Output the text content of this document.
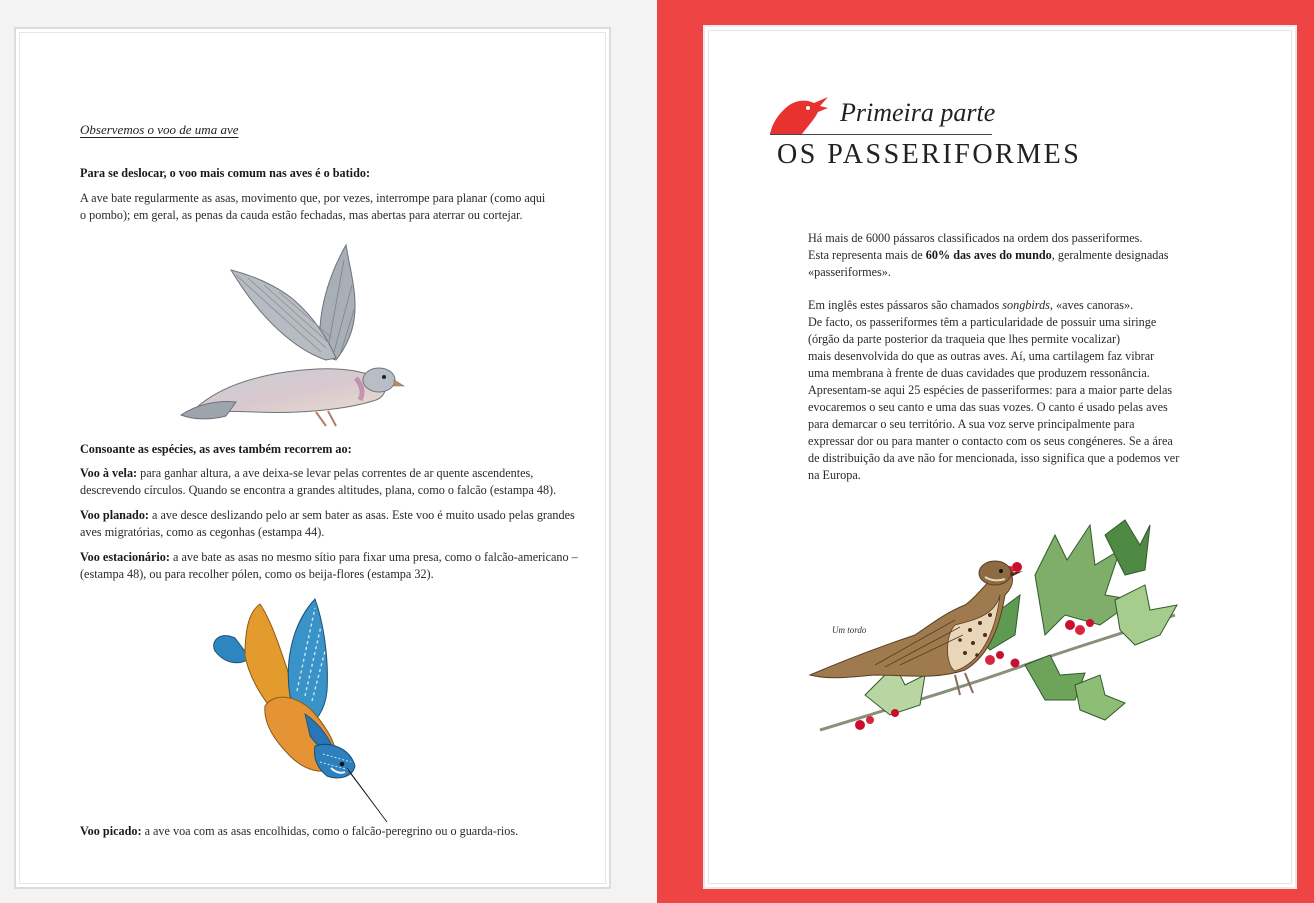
Observemos o voo de uma ave
Para se deslocar, o voo mais comum nas aves é o batido:
A ave bate regularmente as asas, movimento que, por vezes, interrompe para planar (como aqui
o pombo); em geral, as penas da cauda estão fechadas, mas abertas para aterrar ou cortejar.
Consoante as espécies, as aves também recorrem ao:
Voo à vela: para ganhar altura, a ave deixa-se levar pelas correntes de ar quente ascendentes,
descrevendo círculos. Quando se encontra a grandes altitudes, plana, como o falcão (estampa 48).
Voo planado: a ave desce deslizando pelo ar sem bater as asas. Este voo é muito usado pelas grandes
aves migratórias, como as cegonhas (estampa 44).
Voo estacionário: a ave bate as asas no mesmo sítio para fixar uma presa, como o falcão-americano –
(estampa 48), ou para recolher pólen, como os beija-flores (estampa 32).
Voo picado: a ave voa com as asas encolhidas, como o falcão-peregrino ou o guarda-rios.
Primeira parte
OS PASSERIFORMES
Há mais de 6000 pássaros classificados na ordem dos passeriformes.
Esta representa mais de 60% das aves do mundo, geralmente designadas
«passeriformes».
Em inglês estes pássaros são chamados songbirds, «aves canoras».
De facto, os passeriformes têm a particularidade de possuir uma siringe
(órgão da parte posterior da traqueia que lhes permite vocalizar)
mais desenvolvida do que as outras aves. Aí, uma cartilagem faz vibrar
uma membrana à frente de duas cavidades que produzem ressonância.
Apresentam-se aqui 25 espécies de passeriformes: para a maior parte delas
evocaremos o seu canto e uma das suas vozes. O canto é usado pelas aves
para demarcar o seu território. A sua voz serve principalmente para
expressar dor ou para manter o contacto com os seus congéneres. Se a área
de distribuição da ave não for mencionada, isso significa que a podemos ver
na Europa.
Um tordo
